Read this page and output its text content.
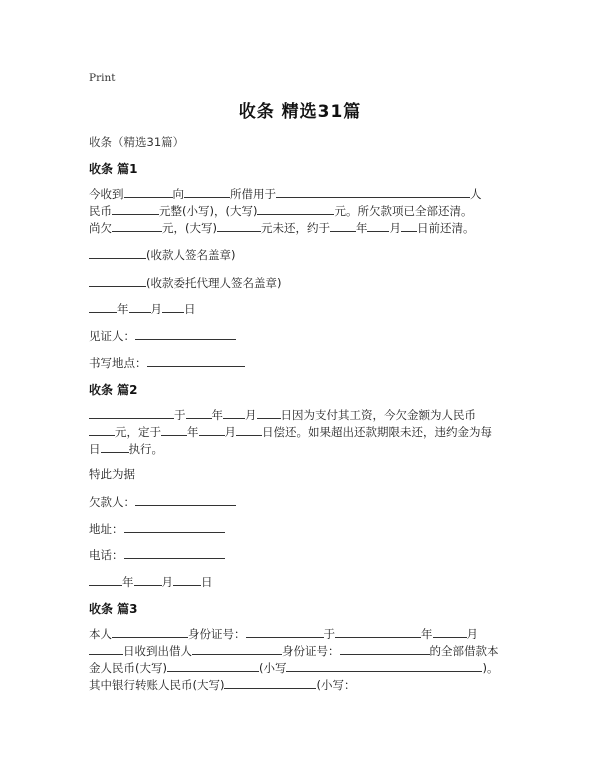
Print
收条 精选31篇
收条（精选31篇）
收条 篇1
今收到	向	所借用于	人
民币	元整(小写)，(大写)	元。所欠款项已全部还清。
尚欠	元，(大写)	元未还，约于 年 月 日前还清。
(收款人签名盖章)
(收款委托代理人签名盖章)
年 月 日
见证人：
书写地点：
收条 篇2
于 年 月 日因为支付其工资，今欠金额为人民币
元，定于 年 月 日偿还。如果超出还款期限未还，违约金为每
日 执行。
特此为据
欠款人：
地址：
电话：
年 月 日
收条 篇3
本人	身份证号：	于	年	月
日收到出借人	身份证号：	的全部借款本
金人民币(大写)	(小写	)。
其中银行转账人民币(大写)	(小写：
